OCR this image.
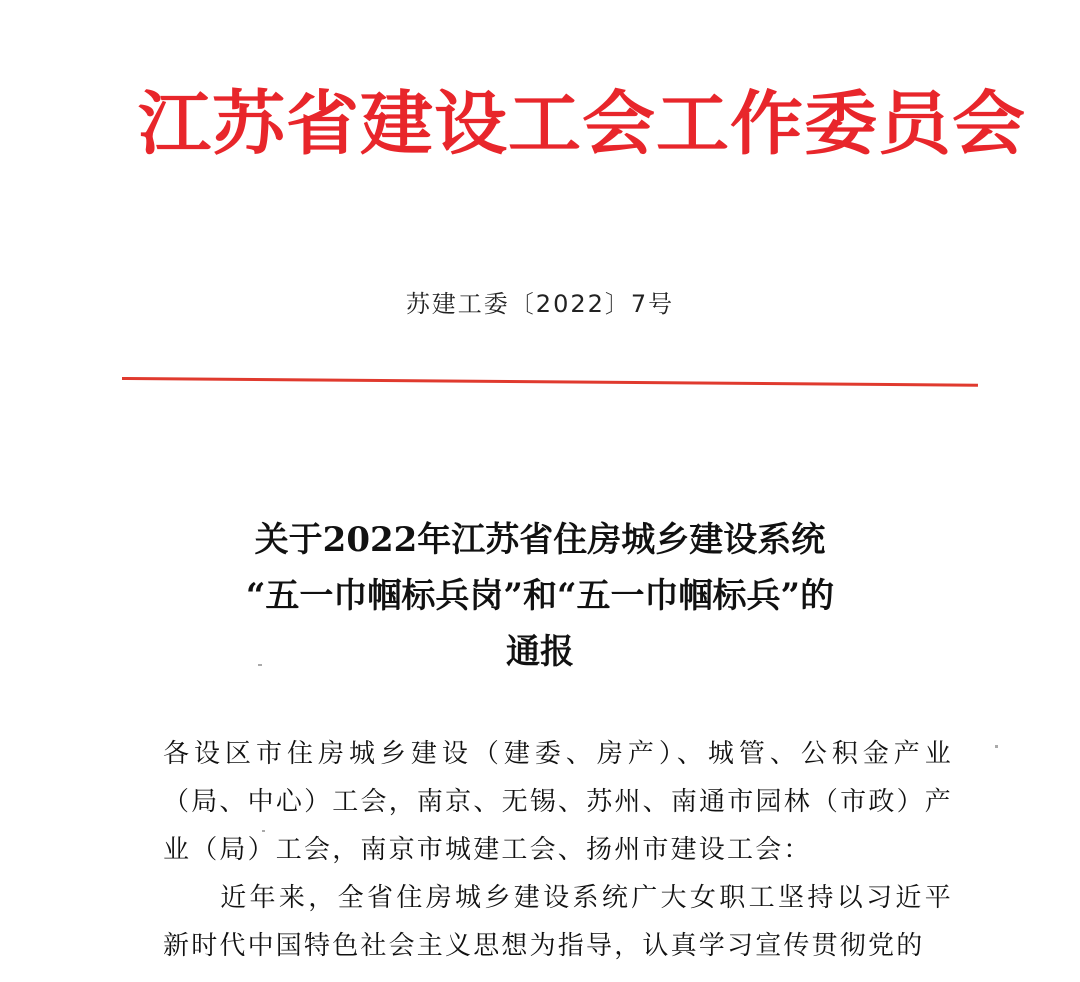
江苏省建设工会工作委员会
苏建工委〔2022〕7号
关于2022年江苏省住房城乡建设系统
“五一巾帼标兵岗”和“五一巾帼标兵”的
通报

各设区市住房城乡建设（建委、房产）、城管、公积金产业（局、中心）工会，南京、无锡、苏州、南通市园林（市政）产业（局）工会，南京市城建工会、扬州市建设工会：

近年来，全省住房城乡建设系统广大女职工坚持以习近平新时代中国特色社会主义思想为指导，认真学习宣传贯彻党的
